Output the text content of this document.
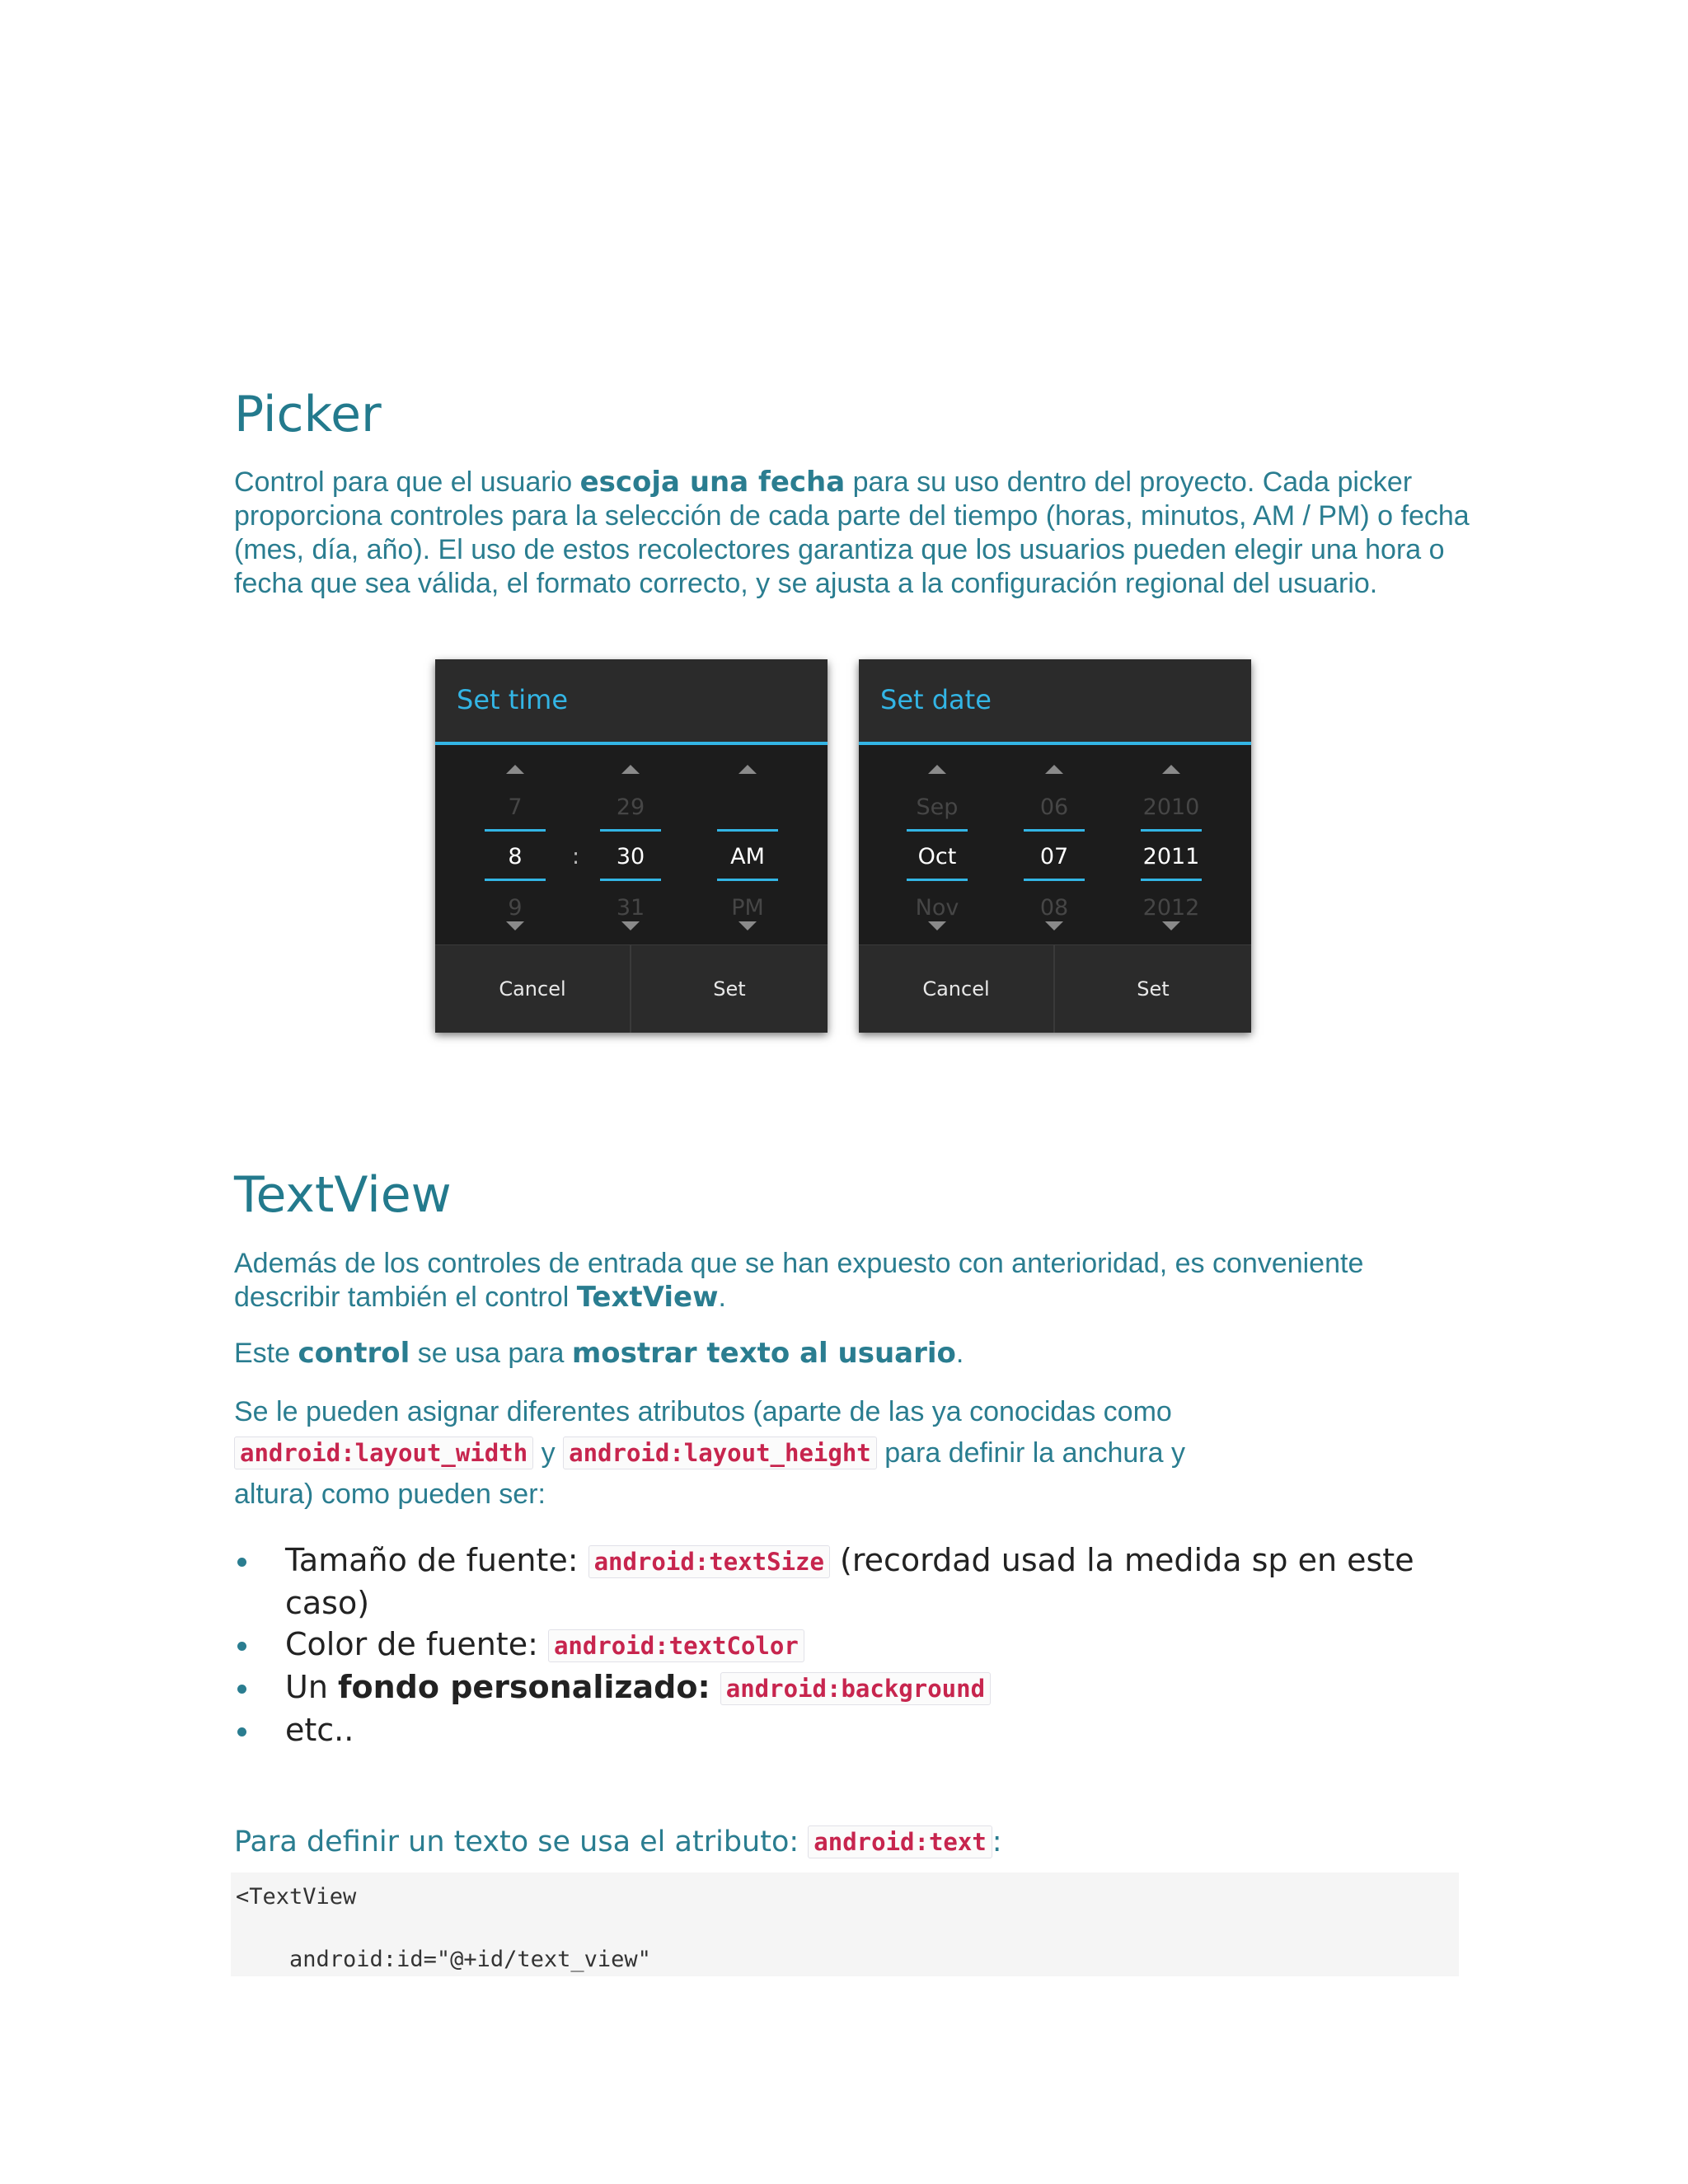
Picker

Control para que el usuario escoja una fecha para su uso dentro del proyecto. Cada picker proporciona controles para la selección de cada parte del tiempo (horas, minutos, AM / PM) o fecha (mes, día, año). El uso de estos recolectores garantiza que los usuarios pueden elegir una hora o fecha que sea válida, el formato correcto, y se ajusta a la configuración regional del usuario.

Set time
7
8
9
:
29
30
31
AM
PM
Cancel	Set
Set date
Sep
Oct
Nov
06
07
08
2010
2011
2012
Cancel	Set
TextView

Además de los controles de entrada que se han expuesto con anterioridad, es conveniente describir también el control TextView.

Este control se usa para mostrar texto al usuario.

Se le pueden asignar diferentes atributos (aparte de las ya conocidas como android:layout_width y android:layout_height para definir la anchura y altura) como pueden ser:

Tamaño de fuente: android:textSize (recordad usad la medida sp en este caso)
Color de fuente: android:textColor
Un fondo personalizado: android:background
etc..

Para definir un texto se usa el atributo: android:text :

<TextView
android:id="@+id/text_view"
